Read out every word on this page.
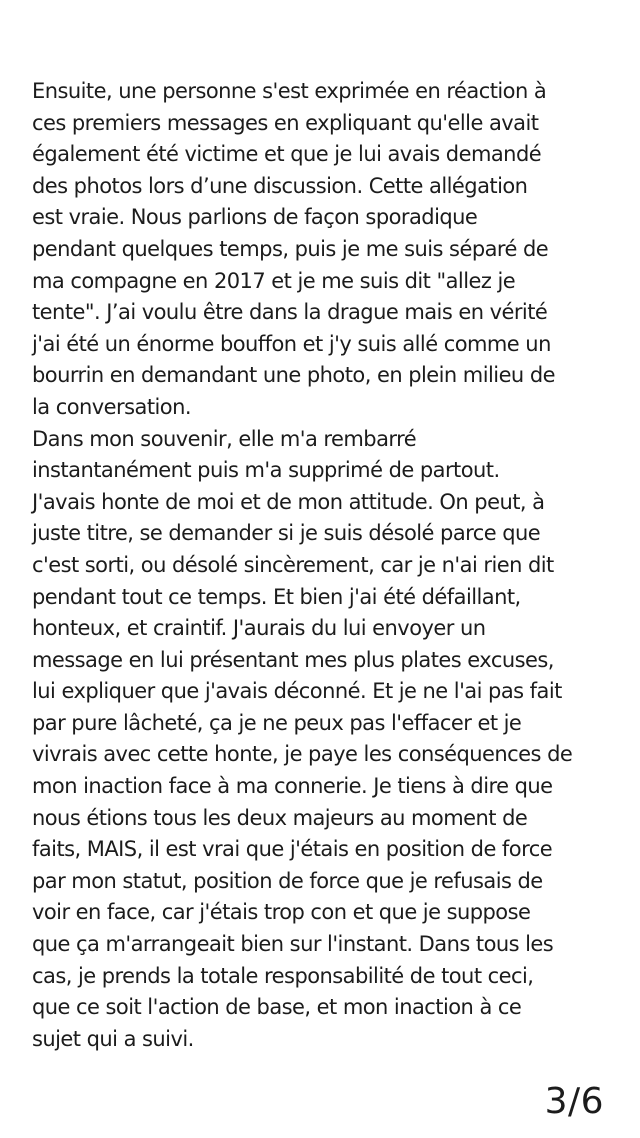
Ensuite, une personne s'est exprimée en réaction à
ces premiers messages en expliquant qu'elle avait
également été victime et que je lui avais demandé
des photos lors d’une discussion. Cette allégation
est vraie. Nous parlions de façon sporadique
pendant quelques temps, puis je me suis séparé de
ma compagne en 2017 et je me suis dit "allez je
tente". J’ai voulu être dans la drague mais en vérité
j'ai été un énorme bouffon et j'y suis allé comme un
bourrin en demandant une photo, en plein milieu de
la conversation.
Dans mon souvenir, elle m'a rembarré
instantanément puis m'a supprimé de partout.
J'avais honte de moi et de mon attitude. On peut, à
juste titre, se demander si je suis désolé parce que
c'est sorti, ou désolé sincèrement, car je n'ai rien dit
pendant tout ce temps. Et bien j'ai été défaillant,
honteux, et craintif. J'aurais du lui envoyer un
message en lui présentant mes plus plates excuses,
lui expliquer que j'avais déconné. Et je ne l'ai pas fait
par pure lâcheté, ça je ne peux pas l'effacer et je
vivrais avec cette honte, je paye les conséquences de
mon inaction face à ma connerie. Je tiens à dire que
nous étions tous les deux majeurs au moment de
faits, MAIS, il est vrai que j'étais en position de force
par mon statut, position de force que je refusais de
voir en face, car j'étais trop con et que je suppose
que ça m'arrangeait bien sur l'instant. Dans tous les
cas, je prends la totale responsabilité de tout ceci,
que ce soit l'action de base, et mon inaction à ce
sujet qui a suivi.
3/6
